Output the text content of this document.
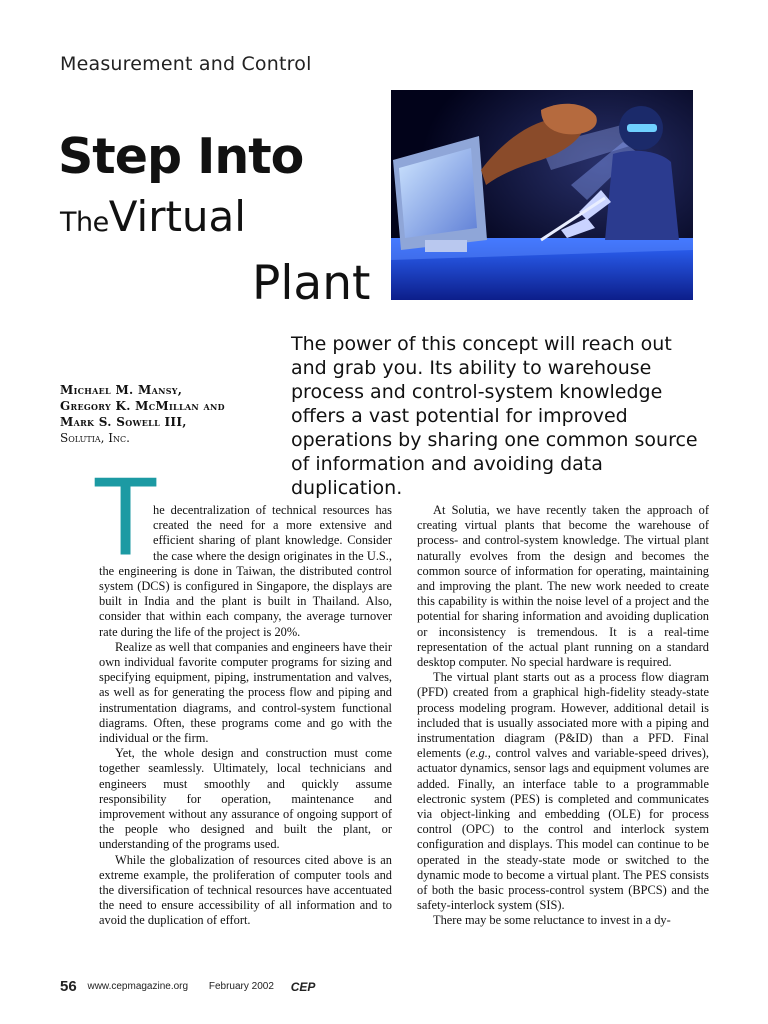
Measurement and Control
Step Into
TheVirtual
Plant
The power of this concept will reach out and grab you. Its ability to warehouse process and control-system knowledge offers a vast potential for improved operations by sharing one common source of information and avoiding data duplication.
Michael M. Mansy,
Gregory K. McMillan and
Mark S. Sowell III,
Solutia, Inc.
T

he decentralization of technical resources has created the need for a more extensive and efficient sharing of plant knowledge. Consider the case where the design originates in the U.S., the engineering is done in Taiwan, the distributed control system (DCS) is configured in Singapore, the displays are built in India and the plant is built in Thailand. Also, consider that within each company, the average turnover rate during the life of the project is 20%.

Realize as well that companies and engineers have their own individual favorite computer programs for sizing and specifying equipment, piping, instrumentation and valves, as well as for generating the process flow and piping and instrumentation diagrams, and control-system functional diagrams. Often, these programs come and go with the individual or the firm.

Yet, the whole design and construction must come together seamlessly. Ultimately, local technicians and engineers must smoothly and quickly assume responsibility for operation, maintenance and improvement without any assurance of ongoing support of the people who designed and built the plant, or understanding of the programs used.

While the globalization of resources cited above is an extreme example, the proliferation of computer tools and the diversification of technical resources have accentuated the need to ensure accessibility of all information and to avoid the duplication of effort.

At Solutia, we have recently taken the approach of creating virtual plants that become the warehouse of process- and control-system knowledge. The virtual plant naturally evolves from the design and becomes the common source of information for operating, maintaining and improving the plant. The new work needed to create this capability is within the noise level of a project and the potential for sharing information and avoiding duplication or inconsistency is tremendous. It is a real-time representation of the actual plant running on a standard desktop computer. No special hardware is required.

The virtual plant starts out as a process flow diagram (PFD) created from a graphical high-fidelity steady-state process modeling program. However, additional detail is included that is usually associated more with a piping and instrumentation diagram (P&ID) than a PFD. Final elements (e.g., control valves and variable-speed drives), actuator dynamics, sensor lags and equipment volumes are added. Finally, an interface table to a programmable electronic system (PES) is completed and communicates via object-linking and embedding (OLE) for process control (OPC) to the control and interlock system configuration and displays. This model can continue to be operated in the steady-state mode or switched to the dynamic mode to become a virtual plant. The PES consists of both the basic process-control system (BPCS) and the safety-interlock system (SIS).

There may be some reluctance to invest in a dy-

56 www.cepmagazine.org February 2002 CEP
